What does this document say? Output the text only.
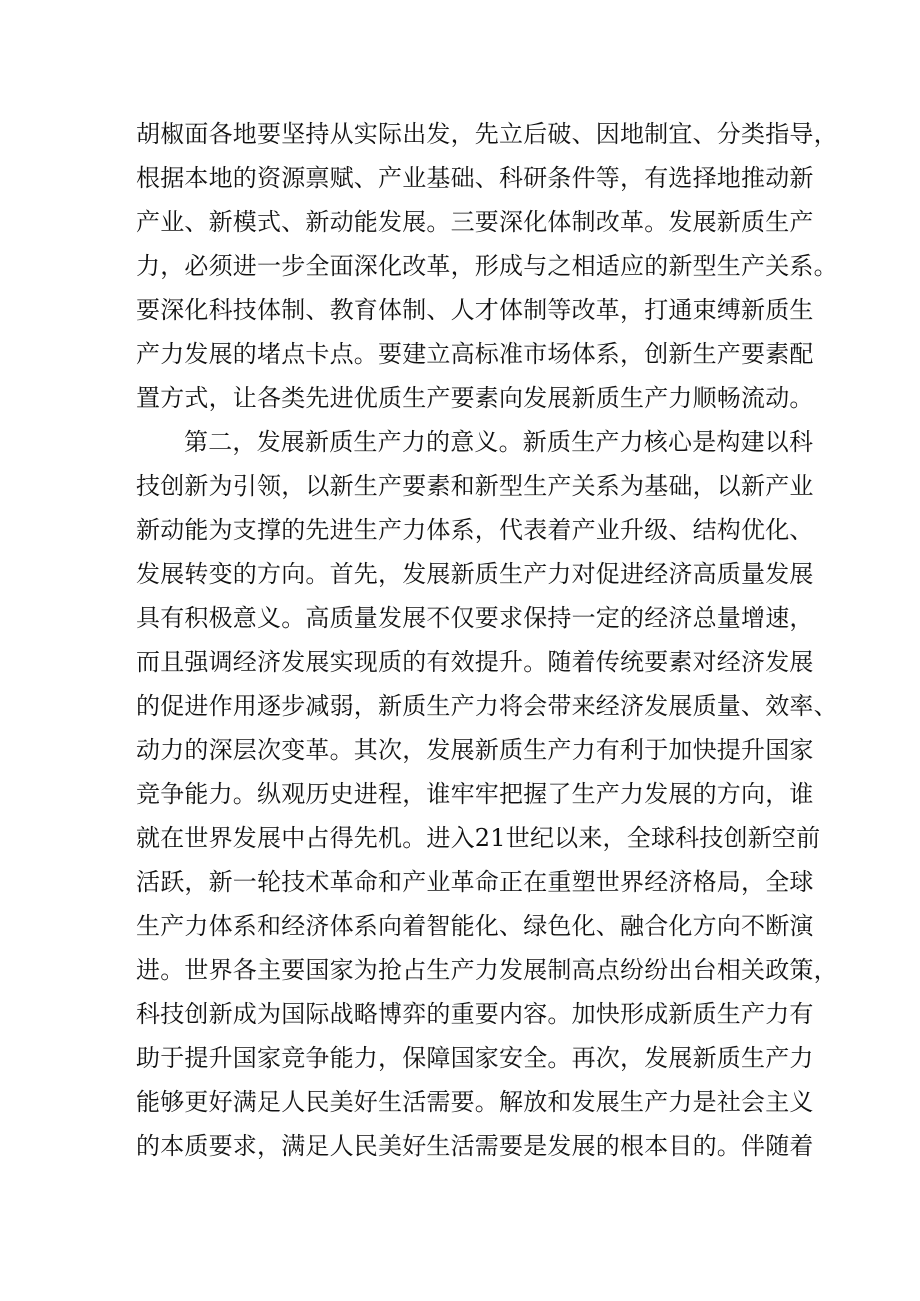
胡椒面各地要坚持从实际出发，先立后破、因地制宜、分类指导，
根据本地的资源禀赋、产业基础、科研条件等，有选择地推动新
产业、新模式、新动能发展。三要深化体制改革。发展新质生产
力，必须进一步全面深化改革，形成与之相适应的新型生产关系。
要深化科技体制、教育体制、人才体制等改革，打通束缚新质生
产力发展的堵点卡点。要建立高标准市场体系，创新生产要素配
置方式，让各类先进优质生产要素向发展新质生产力顺畅流动。
第二，发展新质生产力的意义。新质生产力核心是构建以科
技创新为引领，以新生产要素和新型生产关系为基础，以新产业
新动能为支撑的先进生产力体系，代表着产业升级、结构优化、
发展转变的方向。首先，发展新质生产力对促进经济高质量发展
具有积极意义。高质量发展不仅要求保持一定的经济总量增速，
而且强调经济发展实现质的有效提升。随着传统要素对经济发展
的促进作用逐步减弱，新质生产力将会带来经济发展质量、效率、
动力的深层次变革。其次，发展新质生产力有利于加快提升国家
竞争能力。纵观历史进程，谁牢牢把握了生产力发展的方向，谁
就在世界发展中占得先机。进入21世纪以来，全球科技创新空前
活跃，新一轮技术革命和产业革命正在重塑世界经济格局，全球
生产力体系和经济体系向着智能化、绿色化、融合化方向不断演
进。世界各主要国家为抢占生产力发展制高点纷纷出台相关政策，
科技创新成为国际战略博弈的重要内容。加快形成新质生产力有
助于提升国家竞争能力，保障国家安全。再次，发展新质生产力
能够更好满足人民美好生活需要。解放和发展生产力是社会主义
的本质要求，满足人民美好生活需要是发展的根本目的。伴随着
